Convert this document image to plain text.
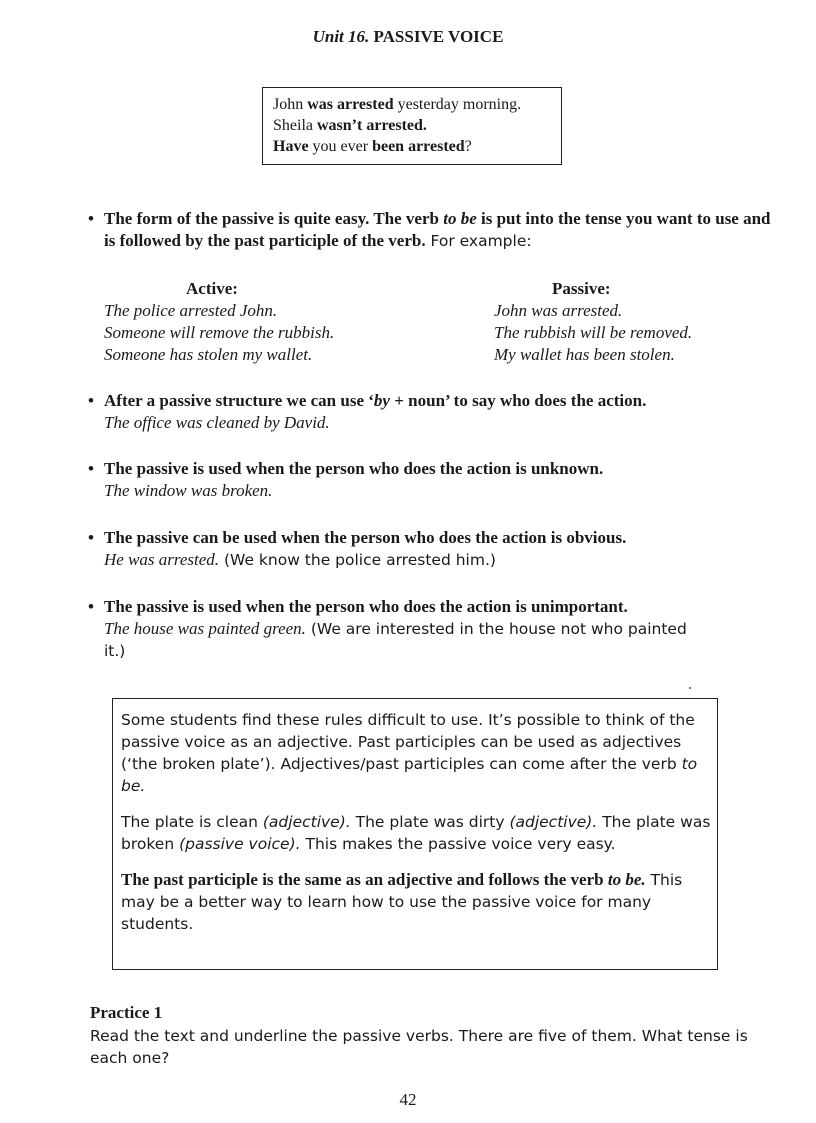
Unit 16. PASSIVE VOICE
John was arrested yesterday morning.
Sheila wasn’t arrested.
Have you ever been arrested?
• The form of the passive is quite easy. The verb to be is put into the tense you want to use and is followed by the past participle of the verb. For example:
Active:
The police arrested John.
Someone will remove the rubbish.
Someone has stolen my wallet.
Passive:
John was arrested.
The rubbish will be removed.
My wallet has been stolen.
• After a passive structure we can use ‘by + noun’ to say who does the action.
The office was cleaned by David.
• The passive is used when the person who does the action is unknown.
The window was broken.
• The passive can be used when the person who does the action is obvious.
He was arrested. (We know the police arrested him.)
• The passive is used when the person who does the action is unimportant.
The house was painted green. (We are interested in the house not who painted it.)

Some students find these rules difficult to use. It’s possible to think of the passive voice as an adjective. Past participles can be used as adjectives (‘the broken plate’). Adjectives/past participles can come after the verb to be.

The plate is clean (adjective). The plate was dirty (adjective). The plate was broken (passive voice). This makes the passive voice very easy.

The past participle is the same as an adjective and follows the verb to be. This may be a better way to learn how to use the passive voice for many students.

Practice 1
Read the text and underline the passive verbs. There are five of them. What tense is each one?
42
